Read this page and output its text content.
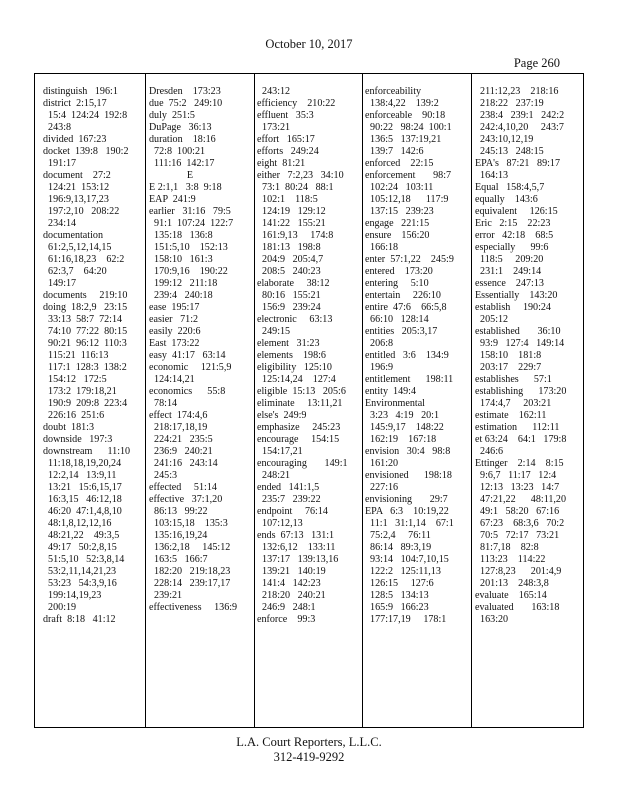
October 10, 2017
Page 260
distinguish   196:1
district  2:15,17
15:4  124:24  192:8
243:8
divided  167:23
docket  139:8   190:2
191:17
document    27:2
124:21  153:12
196:9,13,17,23
197:2,10   208:22
234:14
documentation
61:2,5,12,14,15
61:16,18,23    62:2
62:3,7    64:20
149:17
documents     219:10
doing  18:2,9   23:15
33:13  58:7  72:14
74:10  77:22  80:15
90:21  96:12  110:3
115:21  116:13
117:1  128:3  138:2
154:12   172:5
173:2  179:18,21
190:9  209:8  223:4
226:16  251:6
doubt  181:3
downside   197:3
downstream      11:10
11:18,18,19,20,24
12:2,14   13:9,11
13:21   15:6,15,17
16:3,15   46:12,18
46:20  47:1,4,8,10
48:1,8,12,12,16
48:21,22    49:3,5
49:17   50:2,8,15
51:5,10   52:3,8,14
53:2,11,14,21,23
53:23   54:3,9,16
199:14,19,23
200:19
draft  8:18   41:12
Dresden    173:23
due  75:2   249:10
duly  251:5
DuPage   36:13
duration    18:16
72:8  100:21
111:16  142:17
E
E 2:1,1   3:8  9:18
EAP  241:9
earlier   31:16   79:5
91:1  107:24  122:7
135:18   136:8
151:5,10    152:13
158:10   161:3
170:9,16    190:22
199:12   211:18
239:4   240:18
ease  195:17
easier   71:2
easily  220:6
East  173:22
easy  41:17   63:14
economic     121:5,9
124:14,21
economics      55:8
78:14
effect  174:4,6
218:17,18,19
224:21   235:5
236:9   240:21
241:16   243:14
245:3
effected     51:14
effective   37:1,20
86:13   99:22
103:15,18    135:3
135:16,19,24
136:2,18     145:12
163:5   166:7
182:20   219:18,23
228:14   239:17,17
239:21
effectiveness     136:9
243:12
efficiency    210:22
effluent   35:3
173:21
effort   165:17
efforts   249:24
eight  81:21
either   7:2,23   34:10
73:1  80:24   88:1
102:1    118:5
124:19   129:12
141:22   155:21
161:9,13     174:8
181:13   198:8
204:9   205:4,7
208:5   240:23
elaborate     38:12
80:16   155:21
156:9   239:24
electronic     63:13
249:15
element   31:23
elements    198:6
eligibility   125:10
125:14,24    127:4
eligible  15:13   205:6
eliminate     13:11,21
else's  249:9
emphasize     245:23
encourage     154:15
154:17,21
encouraging       149:1
248:21
ended   141:1,5
235:7   239:22
endpoint     76:14
107:12,13
ends  67:13   131:1
132:6,12    133:11
137:17   139:13,16
139:21   140:19
141:4   142:23
218:20   240:21
246:9   248:1
enforce    99:3
enforceability
138:4,22    139:2
enforceable    90:18
90:22   98:24  100:1
136:5   137:19,21
139:7   142:6
enforced    22:15
enforcement       98:7
102:24   103:11
105:12,18      117:9
137:15   239:23
engage   221:15
ensure    156:20
166:18
enter  57:1,22    245:9
entered    173:20
entering     5:10
entertain     226:10
entire  47:6    66:5,8
66:10   128:14
entities   205:3,17
206:8
entitled   3:6    134:9
196:9
entitlement      198:11
entity  149:4
Environmental
3:23   4:19   20:1
145:9,17    148:22
162:19    167:18
envision   30:4   98:8
161:20
envisioned      198:18
227:16
envisioning       29:7
EPA   6:3    10:19,22
11:1   31:1,14    67:1
75:2,4     76:11
86:14   89:3,19
93:14   104:7,10,15
122:2   125:11,13
126:15     127:6
128:5   134:13
165:9   166:23
177:17,19     178:1
211:12,23    218:16
218:22   237:19
238:4   239:1   242:2
242:4,10,20     243:7
243:10,12,19
245:13   248:15
EPA's   87:21   89:17
164:13
Equal   158:4,5,7
equally    143:6
equivalent     126:15
Eric   2:15    22:23
error   42:18    68:5
especially      99:6
118:5     209:20
231:1    249:14
essence    247:13
Essentially    143:20
establish     190:24
205:12
established       36:10
93:9   127:4   149:14
158:10    181:8
203:17    229:7
establishes      57:1
establishing      173:20
174:4,7     203:21
estimate    162:11
estimation      112:11
et 63:24    64:1   179:8
246:6
Ettinger    2:14    8:15
9:6,7   11:17   12:4
12:13   13:23   14:7
47:21,22      48:11,20
49:1   58:20   67:16
67:23    68:3,6   70:2
70:5   72:17   73:21
81:7,18    82:8
113:23    114:22
127:8,23      201:4,9
201:13    248:3,8
evaluate    165:14
evaluated       163:18
163:20
L.A. Court Reporters, L.L.C.
312-419-9292
